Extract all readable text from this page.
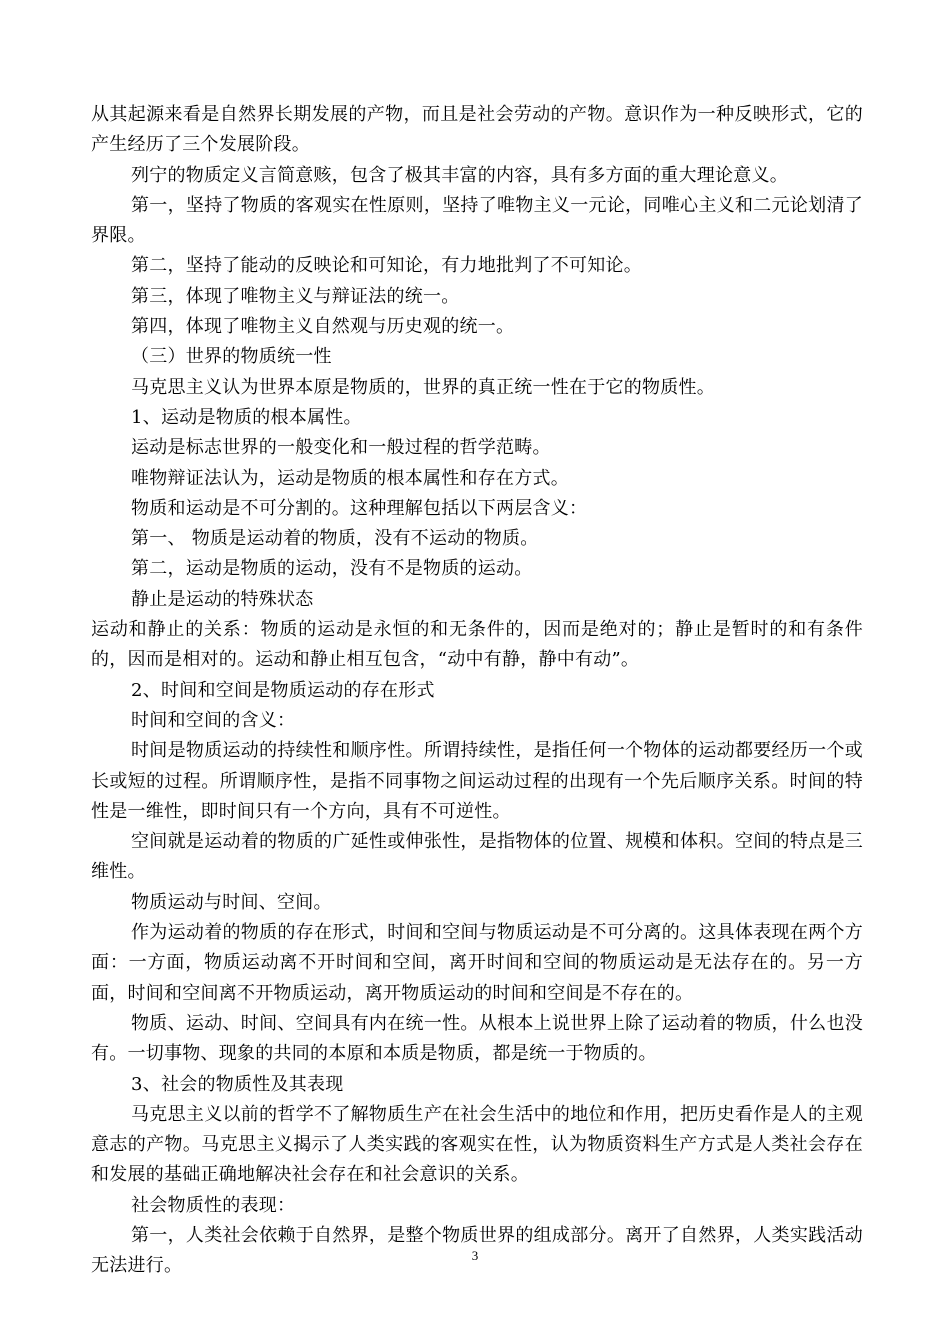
从其起源来看是自然界长期发展的产物，而且是社会劳动的产物。意识作为一种反映形式，它的产生经历了三个发展阶段。

列宁的物质定义言简意赅，包含了极其丰富的内容，具有多方面的重大理论意义。

第一，坚持了物质的客观实在性原则，坚持了唯物主义一元论，同唯心主义和二元论划清了界限。

第二，坚持了能动的反映论和可知论，有力地批判了不可知论。

第三，体现了唯物主义与辩证法的统一。

第四，体现了唯物主义自然观与历史观的统一。

（三）世界的物质统一性

马克思主义认为世界本原是物质的，世界的真正统一性在于它的物质性。

1、运动是物质的根本属性。

运动是标志世界的一般变化和一般过程的哲学范畴。

唯物辩证法认为，运动是物质的根本属性和存在方式。

物质和运动是不可分割的。这种理解包括以下两层含义：

第一、 物质是运动着的物质，没有不运动的物质。

第二，运动是物质的运动，没有不是物质的运动。

静止是运动的特殊状态

运动和静止的关系：物质的运动是永恒的和无条件的，因而是绝对的；静止是暂时的和有条件的，因而是相对的。运动和静止相互包含，“动中有静，静中有动”。

2、时间和空间是物质运动的存在形式

时间和空间的含义：

时间是物质运动的持续性和顺序性。所谓持续性，是指任何一个物体的运动都要经历一个或长或短的过程。所谓顺序性，是指不同事物之间运动过程的出现有一个先后顺序关系。时间的特性是一维性，即时间只有一个方向，具有不可逆性。

空间就是运动着的物质的广延性或伸张性，是指物体的位置、规模和体积。空间的特点是三维性。

物质运动与时间、空间。

作为运动着的物质的存在形式，时间和空间与物质运动是不可分离的。这具体表现在两个方面：一方面，物质运动离不开时间和空间，离开时间和空间的物质运动是无法存在的。另一方面，时间和空间离不开物质运动，离开物质运动的时间和空间是不存在的。

物质、运动、时间、空间具有内在统一性。从根本上说世界上除了运动着的物质，什么也没有。一切事物、现象的共同的本原和本质是物质，都是统一于物质的。

3、社会的物质性及其表现

马克思主义以前的哲学不了解物质生产在社会生活中的地位和作用，把历史看作是人的主观意志的产物。马克思主义揭示了人类实践的客观实在性，认为物质资料生产方式是人类社会存在和发展的基础正确地解决社会存在和社会意识的关系。

社会物质性的表现：

第一，人类社会依赖于自然界，是整个物质世界的组成部分。离开了自然界，人类实践活动无法进行。	3
